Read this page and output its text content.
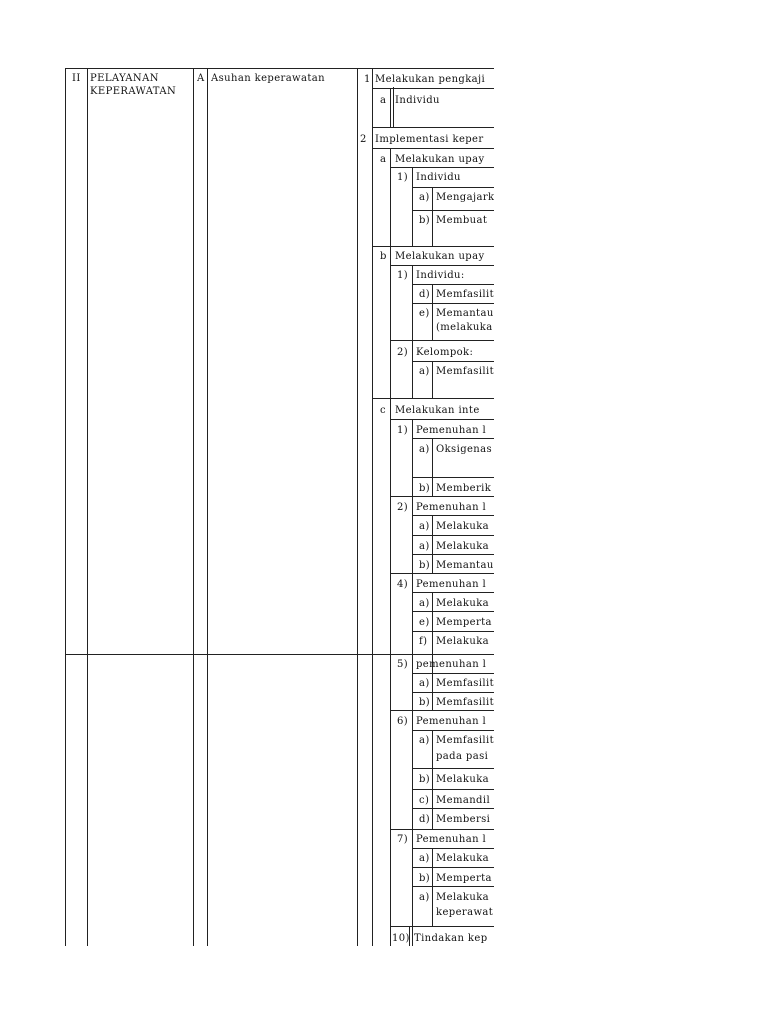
II PELAYANAN
KEPERAWATAN
A Asuhan keperawatan	1 Melakukan pengkaji
a Individu
2 Implementasi keper
a Melakukan upay
1) Individu
a) Mengajark
b) Membuat
b Melakukan upay
1) Individu:
d) Memfasilit
e) Memantau
(melakuka
2) Kelompok:
a) Memfasilit
c Melakukan inte
1) Pemenuhan l
a) Oksigenas
b) Memberik
2) Pemenuhan l
a) Melakuka
a) Melakuka
b) Memantau
4) Pemenuhan l
a) Melakuka
e) Memperta
f) Melakuka
5) pemenuhan l
a) Memfasilit
b) Memfasilit
6) Pemenuhan l
a) Memfasilit
pada pasi
b) Melakuka
c) Memandil
d) Membersi
7) Pemenuhan l
a) Melakuka
b) Memperta
a) Melakuka
keperawat
10) Tindakan kep
